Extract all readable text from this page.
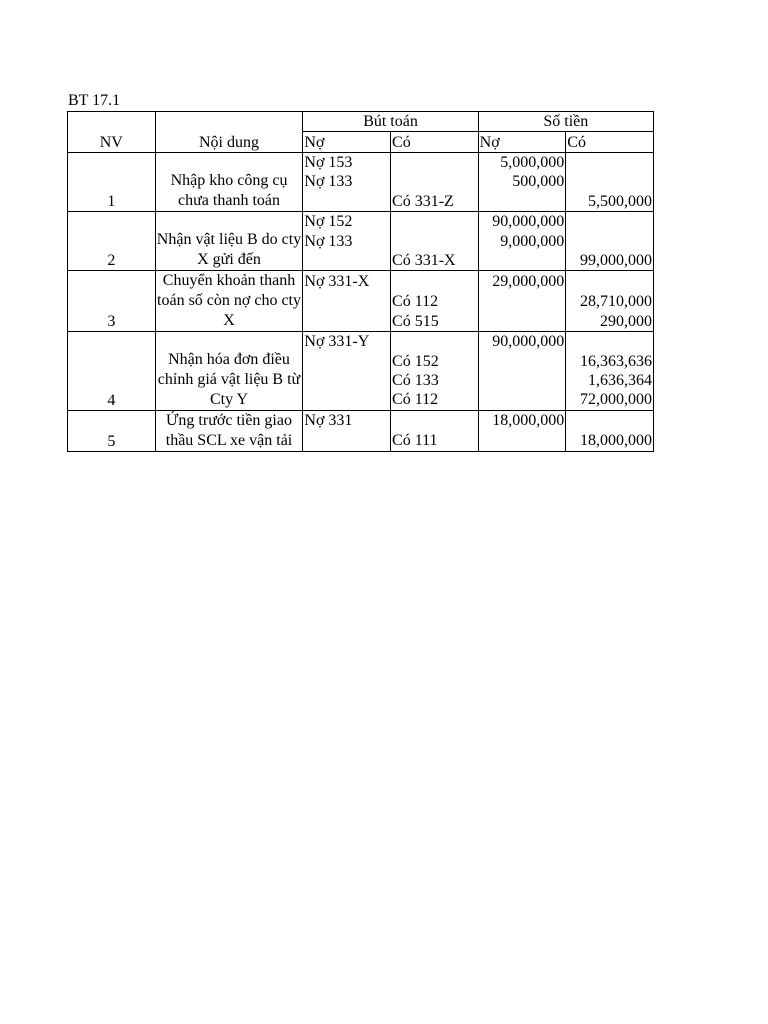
BT 17.1
NV	Nội dung	Bút toán		Số tiền	
		Nợ	Có	Nợ	Có
1	Nhập kho công cụ chưa thanh toán	Nợ 153		5,000,000	
		Nợ 133		500,000	
			Có 331-Z		5,500,000
2	Nhận vật liệu B do cty X gửi đến	Nợ 152		90,000,000	
		Nợ 133		9,000,000	
			Có 331-X		99,000,000
3	Chuyển khoản thanh toán số còn nợ cho cty X	Nợ 331-X		29,000,000	
			Có 112		28,710,000
			Có 515		290,000
4	Nhận hóa đơn điều chỉnh giá vật liệu B từ Cty Y	Nợ 331-Y		90,000,000	
			Có 152		16,363,636
			Có 133		1,636,364
			Có 112		72,000,000
5	Ứng trước tiền giao thầu SCL xe vận tải	Nợ 331		18,000,000	
			Có 111		18,000,000
